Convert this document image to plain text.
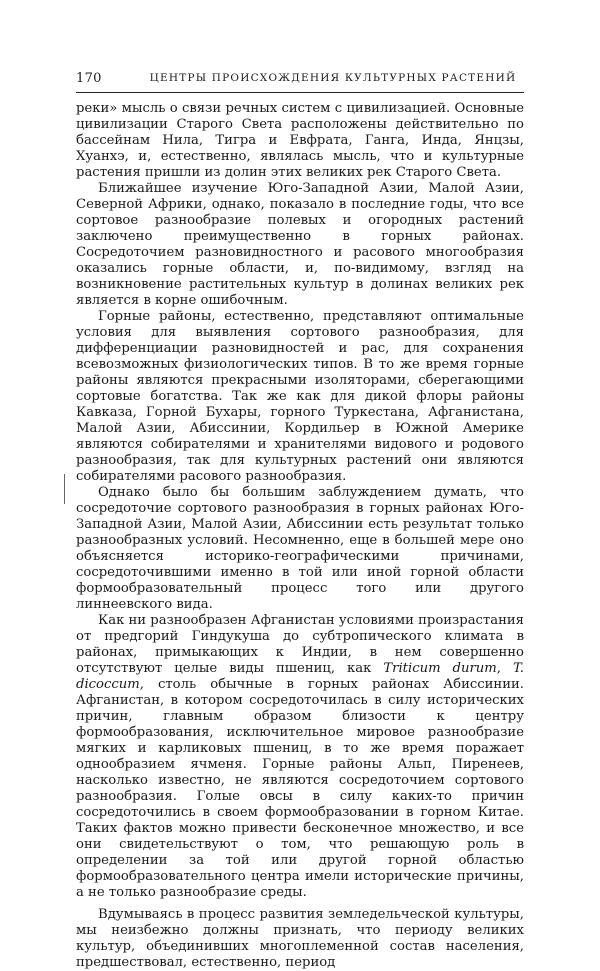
170	ЦЕНТРЫ ПРОИСХОЖДЕНИЯ КУЛЬТУРНЫХ РАСТЕНИЙ

реки» мысль о связи речных систем с цивилизацией. Основные цивилизации Старого Света расположены действительно по бассейнам Нила, Тигра и Евфрата, Ганга, Инда, Янцзы, Хуанхэ, и, естественно, являлась мысль, что и культурные растения пришли из долин этих великих рек Старого Света.

Ближайшее изучение Юго-Западной Азии, Малой Азии, Северной Африки, однако, показало в последние годы, что все сортовое разнообразие полевых и огородных растений заключено преимущественно в горных районах. Сосредоточием разновидностного и расового многообразия оказались горные области, и, по-видимому, взгляд на возникновение растительных культур в долинах великих рек является в корне ошибочным.

Горные районы, естественно, представляют оптимальные условия для выявления сортового разнообразия, для дифференциации разновидностей и рас, для сохранения всевозможных физиологических типов. В то же время горные районы являются прекрасными изоляторами, сберегающими сортовые богатства. Так же как для дикой флоры районы Кавказа, Горной Бухары, горного Туркестана, Афганистана, Малой Азии, Абиссинии, Кордильер в Южной Америке являются собирателями и хранителями видового и родового разнообразия, так для культурных растений они являются собирателями расового разнообразия.

Однако было бы большим заблуждением думать, что сосредоточие сортового разнообразия в горных районах Юго-Западной Азии, Малой Азии, Абиссинии есть результат только разнообразных условий. Несомненно, еще в большей мере оно объясняется историко-географическими причинами, сосредоточившими именно в той или иной горной области формообразовательный процесс того или другого линнеевского вида.

Как ни разнообразен Афганистан условиями произрастания от предгорий Гиндукуша до субтропического климата в районах, примыкающих к Индии, в нем совершенно отсутствуют целые виды пшениц, как Triticum durum, T. dicoccum, столь обычные в горных районах Абиссинии. Афганистан, в котором сосредоточилась в силу исторических причин, главным образом близости к центру формообразования, исключительное мировое разнообразие мягких и карликовых пшениц, в то же время поражает однообразием ячменя. Горные районы Альп, Пиренеев, насколько известно, не являются сосредоточием сортового разнообразия. Голые овсы в силу каких-то причин сосредоточились в своем формообразовании в горном Китае. Таких фактов можно привести бесконечное множество, и все они свидетельствуют о том, что решающую роль в определении за той или другой горной областью формообразовательного центра имели исторические причины, а не только разнообразие среды.

Вдумываясь в процесс развития земледельческой культуры, мы неизбежно должны признать, что периоду великих культур, объединивших многоплеменной состав населения, предшествовал, естественно, период
